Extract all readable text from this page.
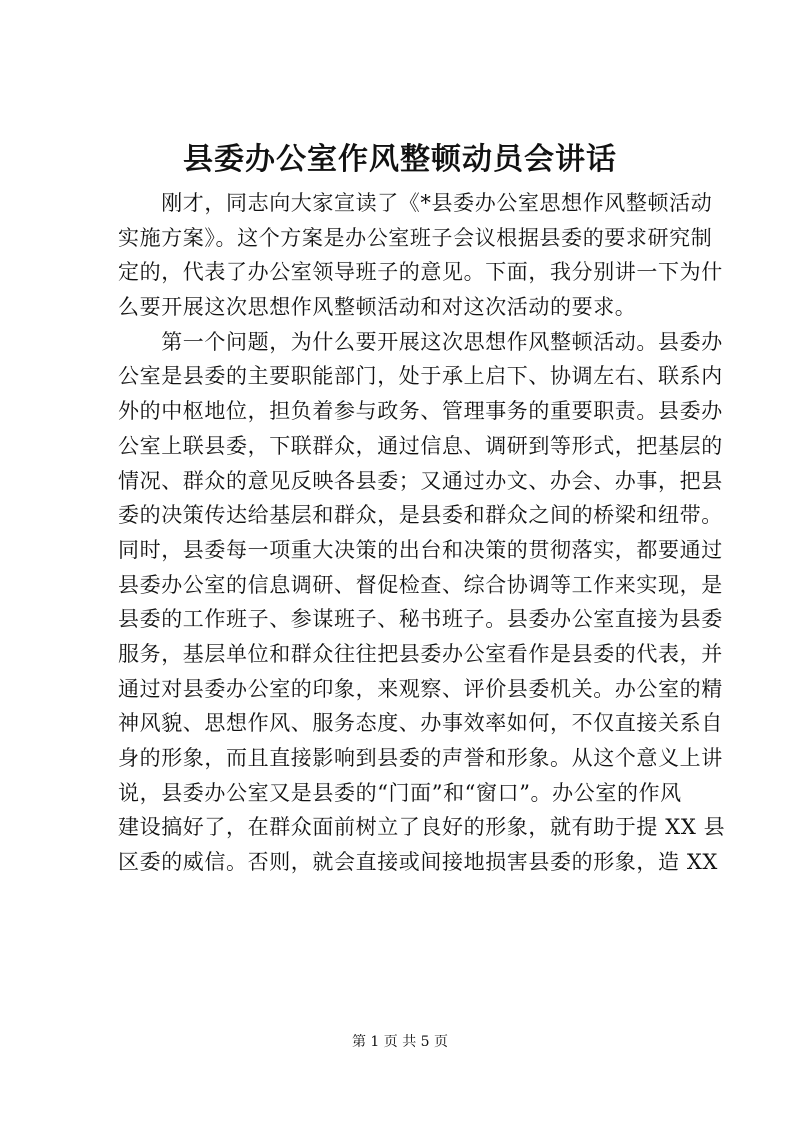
县委办公室作风整顿动员会讲话
　　刚才，同志向大家宣读了《*县委办公室思想作风整顿活动
实施方案》。这个方案是办公室班子会议根据县委的要求研究制
定的，代表了办公室领导班子的意见。下面，我分别讲一下为什
么要开展这次思想作风整顿活动和对这次活动的要求。
　　第一个问题，为什么要开展这次思想作风整顿活动。县委办
公室是县委的主要职能部门，处于承上启下、协调左右、联系内
外的中枢地位，担负着参与政务、管理事务的重要职责。县委办
公室上联县委，下联群众，通过信息、调研到等形式，把基层的
情况、群众的意见反映各县委；又通过办文、办会、办事，把县
委的决策传达给基层和群众，是县委和群众之间的桥梁和纽带。
同时，县委每一项重大决策的出台和决策的贯彻落实，都要通过
县委办公室的信息调研、督促检查、综合协调等工作来实现，是
县委的工作班子、参谋班子、秘书班子。县委办公室直接为县委
服务，基层单位和群众往往把县委办公室看作是县委的代表，并
通过对县委办公室的印象，来观察、评价县委机关。办公室的精
神风貌、思想作风、服务态度、办事效率如何，不仅直接关系自
身的形象，而且直接影响到县委的声誉和形象。从这个意义上讲
说，县委办公室又是县委的“门面”和“窗口”。办公室的作风
建设搞好了，在群众面前树立了良好的形象，就有助于提 XX 县
区委的威信。否则，就会直接或间接地损害县委的形象，造 XX
第 1 页 共 5 页
